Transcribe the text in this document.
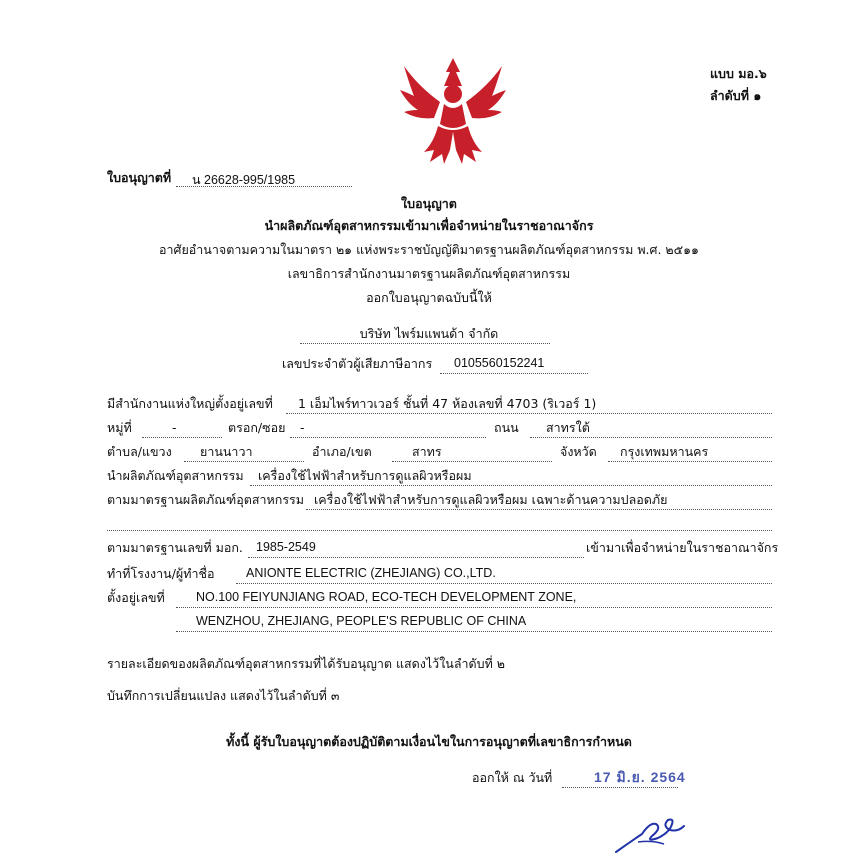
แบบ มอ.๖
ลำดับที่ ๑
ใบอนุญาตที่ น 26628-995/1985
ใบอนุญาต
นำผลิตภัณฑ์อุตสาหกรรมเข้ามาเพื่อจำหน่ายในราชอาณาจักร
อาศัยอำนาจตามความในมาตรา ๒๑ แห่งพระราชบัญญัติมาตรฐานผลิตภัณฑ์อุตสาหกรรม พ.ศ. ๒๕๑๑
เลขาธิการสำนักงานมาตรฐานผลิตภัณฑ์อุตสาหกรรม
ออกใบอนุญาตฉบับนี้ให้
บริษัท ไพร์มแพนด้า จำกัด
เลขประจำตัวผู้เสียภาษีอากร 0105560152241
มีสำนักงานแห่งใหญ่ตั้งอยู่เลขที่ 1 เอ็มไพร์ทาวเวอร์ ชั้นที่ 47 ห้องเลขที่ 4703 (ริเวอร์ 1)
หมู่ที่	-	ตรอก/ซอย -	ถนน สาทรใต้
ตำบล/แขวง ยานนาวา	อำเภอ/เขต	สาทร	จังหวัด กรุงเทพมหานคร
นำผลิตภัณฑ์อุตสาหกรรม เครื่องใช้ไฟฟ้าสำหรับการดูแลผิวหรือผม
ตามมาตรฐานผลิตภัณฑ์อุตสาหกรรม เครื่องใช้ไฟฟ้าสำหรับการดูแลผิวหรือผม เฉพาะด้านความปลอดภัย
ตามมาตรฐานเลขที่ มอก. 1985-2549	เข้ามาเพื่อจำหน่ายในราชอาณาจักร
ทำที่โรงงาน/ผู้ทำชื่อ	ANIONTE ELECTRIC (ZHEJIANG) CO.,LTD.
ตั้งอยู่เลขที่ NO.100 FEIYUNJIANG ROAD, ECO-TECH DEVELOPMENT ZONE,
WENZHOU, ZHEJIANG, PEOPLE'S REPUBLIC OF CHINA
รายละเอียดของผลิตภัณฑ์อุตสาหกรรมที่ได้รับอนุญาต แสดงไว้ในลำดับที่ ๒
บันทึกการเปลี่ยนแปลง แสดงไว้ในลำดับที่ ๓
ทั้งนี้ ผู้รับใบอนุญาตต้องปฏิบัติตามเงื่อนไขในการอนุญาตที่เลขาธิการกำหนด
ออกให้ ณ วันที่	17 มิ.ย. 2564
